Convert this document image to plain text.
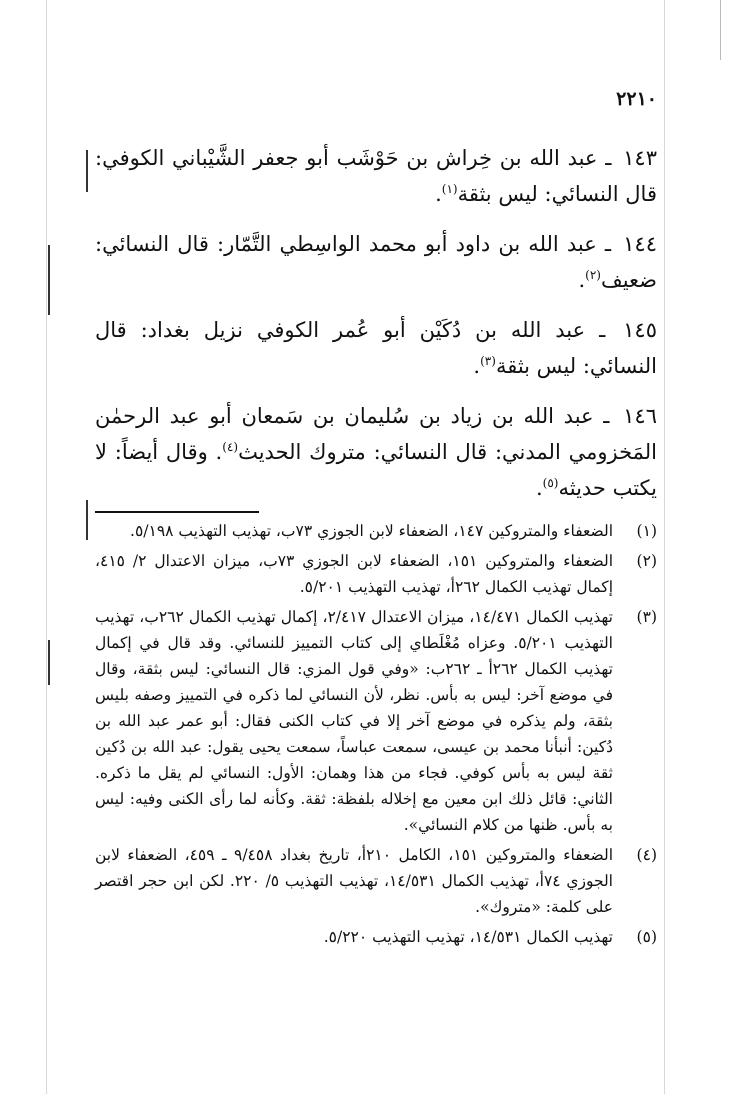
٢٢١٠

١٤٣ ـ عبد الله بن خِراش بن حَوْشَب أبو جعفر الشَّيْباني الكوفي: قال النسائي: ليس بثقة$^{(١)}$.

١٤٤ ـ عبد الله بن داود أبو محمد الواسِطي التَّمّار: قال النسائي: ضعيف$^{(٢)}$.

١٤٥ ـ عبد الله بن دُكَيْن أبو عُمر الكوفي نزيل بغداد: قال النسائي: ليس بثقة$^{(٣)}$.

١٤٦ ـ عبد الله بن زياد بن سُليمان بن سَمعان أبو عبد الرحمٰن المَخزومي المدني: قال النسائي: متروك الحديث$^{(٤)}$. وقال أيضاً: لا يكتب حديثه$^{(٥)}$.

(١)
الضعفاء والمتروكين ١٤٧، الضعفاء لابن الجوزي ٧٣ب، تهذيب التهذيب ٥/١٩٨.
(٢)
الضعفاء والمتروكين ١٥١، الضعفاء لابن الجوزي ٧٣ب، ميزان الاعتدال ٢/ ٤١٥، إكمال تهذيب الكمال ٢٦٢أ، تهذيب التهذيب ٥/٢٠١.
(٣)
تهذيب الكمال ١٤/٤٧١، ميزان الاعتدال ٢/٤١٧، إكمال تهذيب الكمال ٢٦٢ب، تهذيب التهذيب ٥/٢٠١. وعزاه مُغْلَطاي إلى كتاب التمييز للنسائي. وقد قال في إكمال تهذيب الكمال ٢٦٢أ ـ ٢٦٢ب: «وفي قول المزي: قال النسائي: ليس بثقة، وقال في موضع آخر: ليس به بأس. نظر، لأن النسائي لما ذكره في التمييز وصفه بليس بثقة، ولم يذكره في موضع آخر إلا في كتاب الكنى فقال: أبو عمر عبد الله بن دُكين: أنبأنا محمد بن عيسى، سمعت عباساً، سمعت يحيى يقول: عبد الله بن دُكين ثقة ليس به بأس كوفي. فجاء من هذا وهمان: الأول: النسائي لم يقل ما ذكره. الثاني: قائل ذلك ابن معين مع إخلاله بلفظة: ثقة. وكأنه لما رأى الكنى وفيه: ليس به بأس. ظنها من كلام النسائي».
(٤)
الضعفاء والمتروكين ١٥١، الكامل ٢١٠أ، تاريخ بغداد ٩/٤٥٨ ـ ٤٥٩، الضعفاء لابن الجوزي ٧٤أ، تهذيب الكمال ١٤/٥٣١، تهذيب التهذيب ٥/ ٢٢٠. لكن ابن حجر اقتصر على كلمة: «متروك».
(٥)
تهذيب الكمال ١٤/٥٣١، تهذيب التهذيب ٥/٢٢٠.
